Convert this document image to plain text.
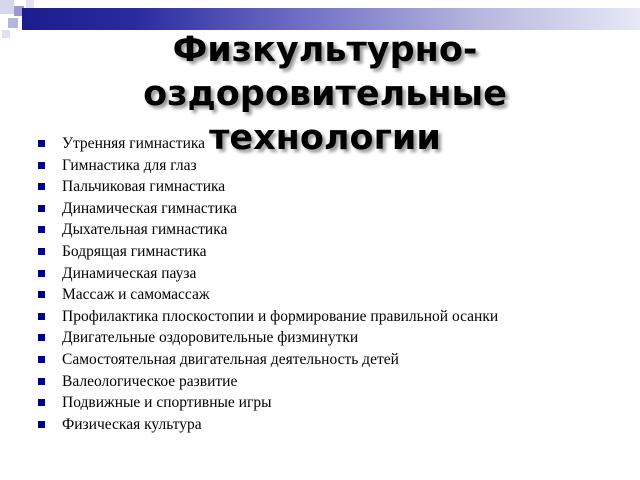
Физкультурно-
оздоровительные
технологии
Утренняя гимнастика
Гимнастика для глаз
Пальчиковая гимнастика
Динамическая гимнастика
Дыхательная гимнастика
Бодрящая гимнастика
Динамическая пауза
Массаж и самомассаж
Профилактика плоскостопии и формирование правильной осанки
Двигательные оздоровительные физминутки
Самостоятельная двигательная деятельность детей
Валеологическое развитие
Подвижные и спортивные игры
Физическая культура
